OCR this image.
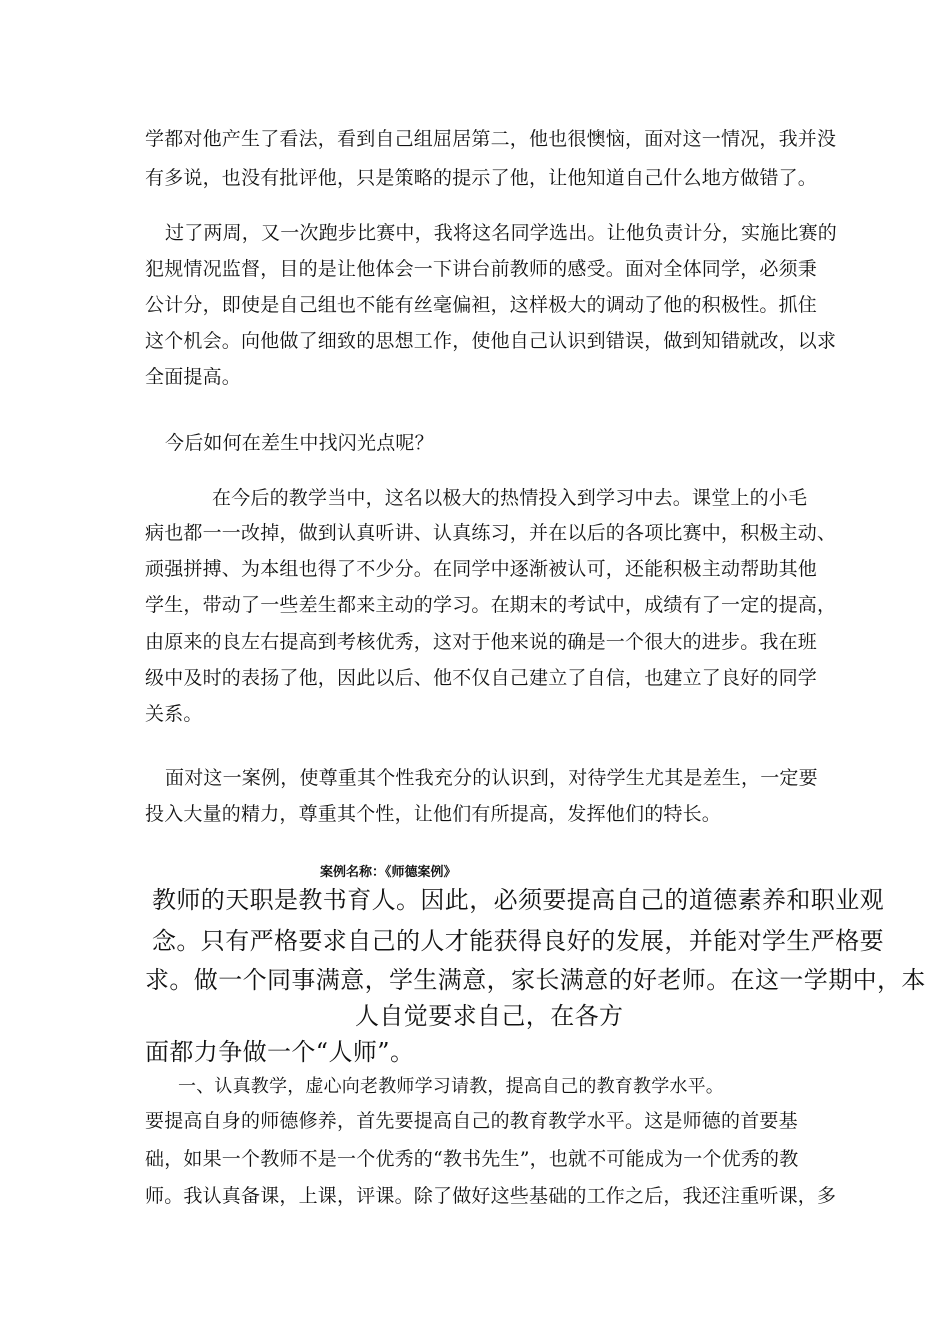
学都对他产生了看法，看到自己组屈居第二，他也很懊恼，面对这一情况，我并没
有多说，也没有批评他，只是策略的提示了他，让他知道自己什么地方做错了。
过了两周，又一次跑步比赛中，我将这名同学选出。让他负责计分，实施比赛的
犯规情况监督，目的是让他体会一下讲台前教师的感受。面对全体同学，必须秉
公计分，即使是自己组也不能有丝毫偏袒，这样极大的调动了他的积极性。抓住
这个机会。向他做了细致的思想工作，使他自己认识到错误，做到知错就改，以求
全面提高。
今后如何在差生中找闪光点呢？
在今后的教学当中，这名以极大的热情投入到学习中去。课堂上的小毛
病也都一一改掉，做到认真听讲、认真练习，并在以后的各项比赛中，积极主动、
顽强拼搏、为本组也得了不少分。在同学中逐渐被认可，还能积极主动帮助其他
学生，带动了一些差生都来主动的学习。在期末的考试中，成绩有了一定的提高，
由原来的良左右提高到考核优秀，这对于他来说的确是一个很大的进步。我在班
级中及时的表扬了他，因此以后、他不仅自己建立了自信，也建立了良好的同学
关系。
面对这一案例，使尊重其个性我充分的认识到，对待学生尤其是差生，一定要
投入大量的精力，尊重其个性，让他们有所提高，发挥他们的特长。
案例名称：《师德案例》
教师的天职是教书育人。因此，必须要提高自己的道德素养和职业观
念。只有严格要求自己的人才能获得良好的发展，并能对学生严格要
求。做一个同事满意，学生满意，家长满意的好老师。在这一学期中，本
人自觉要求自己，在各方
面都力争做一个“人师”。
一、认真教学，虚心向老教师学习请教，提高自己的教育教学水平。
要提高自身的师德修养，首先要提高自己的教育教学水平。这是师德的首要基
础，如果一个教师不是一个优秀的“教书先生”，也就不可能成为一个优秀的教
师。我认真备课，上课，评课。除了做好这些基础的工作之后，我还注重听课，多
